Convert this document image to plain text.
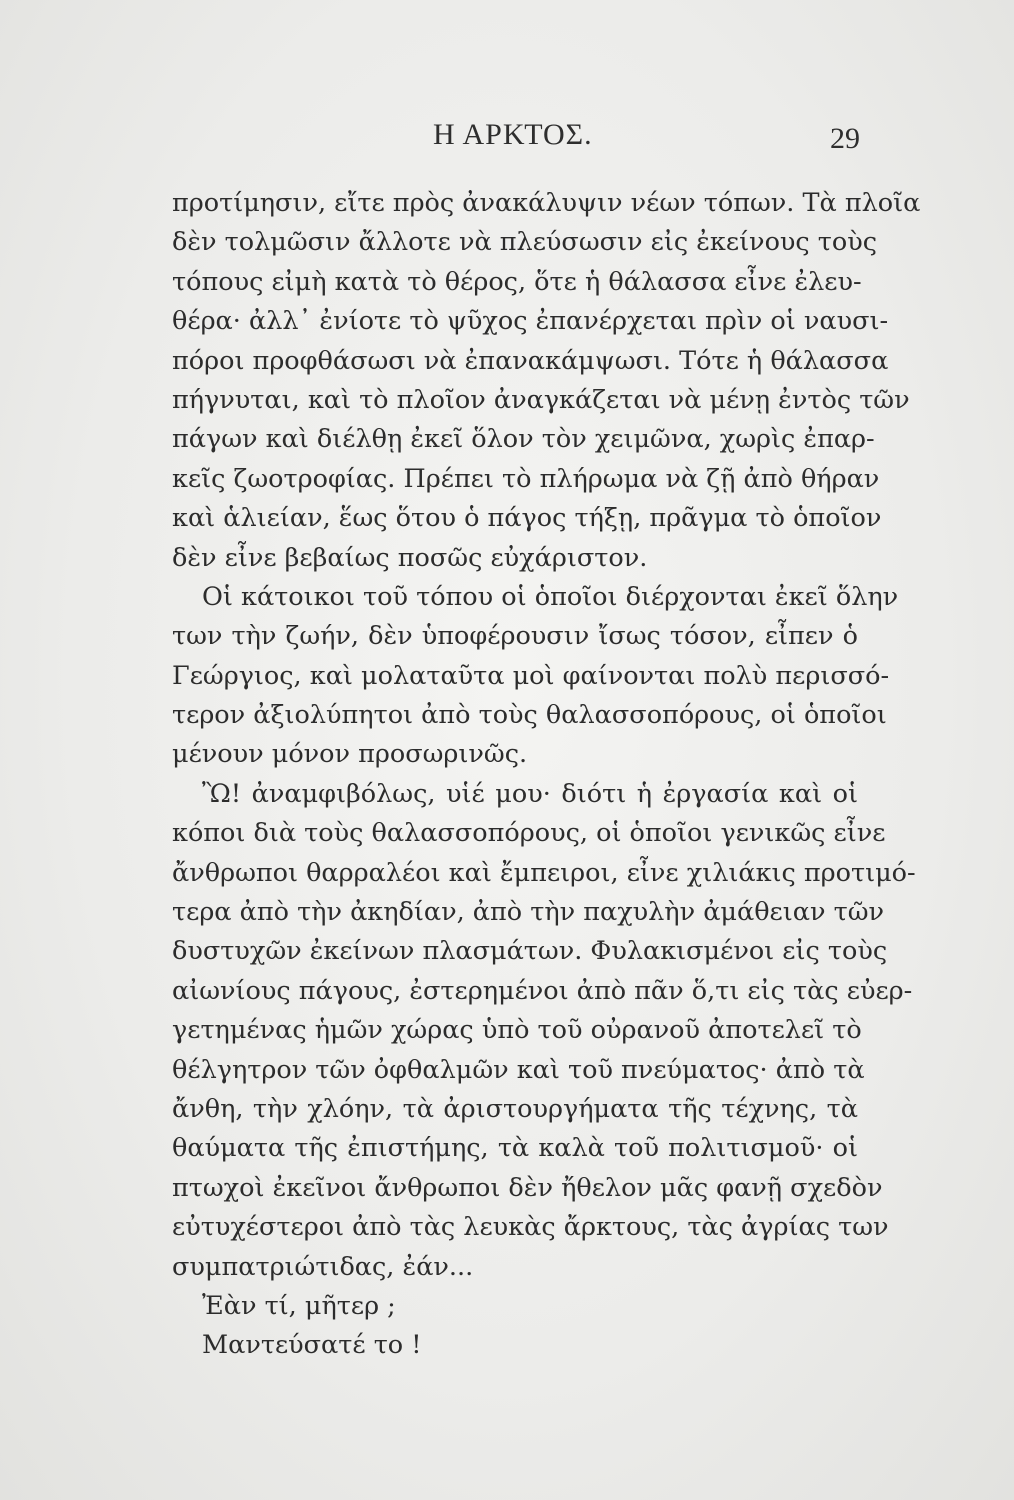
Η ΑΡΚΤΟΣ.	29
προτίμησιν, εἴτε πρὸς ἀνακάλυψιν νέων τόπων. Τὰ πλοῖα
δὲν τολμῶσιν ἄλλοτε νὰ πλεύσωσιν εἰς ἐκείνους τοὺς
τόπους εἰμὴ κατὰ τὸ θέρος, ὅτε ἡ θάλασσα εἶνε ἐλευ-
θέρα· ἀλλ᾽ ἐνίοτε τὸ ψῦχος ἐπανέρχεται πρὶν οἱ ναυσι-
πόροι προφθάσωσι νὰ ἐπανακάμψωσι. Τότε ἡ θάλασσα
πήγνυται, καὶ τὸ πλοῖον ἀναγκάζεται νὰ μένῃ ἐντὸς τῶν
πάγων καὶ διέλθῃ ἐκεῖ ὅλον τὸν χειμῶνα, χωρὶς ἐπαρ-
κεῖς ζωοτροφίας. Πρέπει τὸ πλήρωμα νὰ ζῇ ἀπὸ θήραν
καὶ ἁλιείαν, ἕως ὅτου ὁ πάγος τήξῃ, πρᾶγμα τὸ ὁποῖον
δὲν εἶνε βεβαίως ποσῶς εὐχάριστον.
Οἱ κάτοικοι τοῦ τόπου οἱ ὁποῖοι διέρχονται ἐκεῖ ὅλην
των τὴν ζωήν, δὲν ὑποφέρουσιν ἴσως τόσον, εἶπεν ὁ
Γεώργιος, καὶ μολαταῦτα μοὶ φαίνονται πολὺ περισσό-
τερον ἀξιολύπητοι ἀπὸ τοὺς θαλασσοπόρους, οἱ ὁποῖοι
μένουν μόνον προσωρινῶς.
Ὢ! ἀναμφιβόλως, υἱέ μου· διότι ἡ ἐργασία καὶ οἱ
κόποι διὰ τοὺς θαλασσοπόρους, οἱ ὁποῖοι γενικῶς εἶνε
ἄνθρωποι θαρραλέοι καὶ ἔμπειροι, εἶνε χιλιάκις προτιμό-
τερα ἀπὸ τὴν ἀκηδίαν, ἀπὸ τὴν παχυλὴν ἀμάθειαν τῶν
δυστυχῶν ἐκείνων πλασμάτων. Φυλακισμένοι εἰς τοὺς
αἰωνίους πάγους, ἐστερημένοι ἀπὸ πᾶν ὅ,τι εἰς τὰς εὐερ-
γετημένας ἡμῶν χώρας ὑπὸ τοῦ οὐρανοῦ ἀποτελεῖ τὸ
θέλγητρον τῶν ὀφθαλμῶν καὶ τοῦ πνεύματος· ἀπὸ τὰ
ἄνθη, τὴν χλόην, τὰ ἀριστουργήματα τῆς τέχνης, τὰ
θαύματα τῆς ἐπιστήμης, τὰ καλὰ τοῦ πολιτισμοῦ· οἱ
πτωχοὶ ἐκεῖνοι ἄνθρωποι δὲν ἤθελον μᾶς φανῇ σχεδὸν
εὐτυχέστεροι ἀπὸ τὰς λευκὰς ἄρκτους, τὰς ἀγρίας των
συμπατριώτιδας, ἐάν...
Ἐὰν τί, μῆτερ ;
Μαντεύσατέ το !
